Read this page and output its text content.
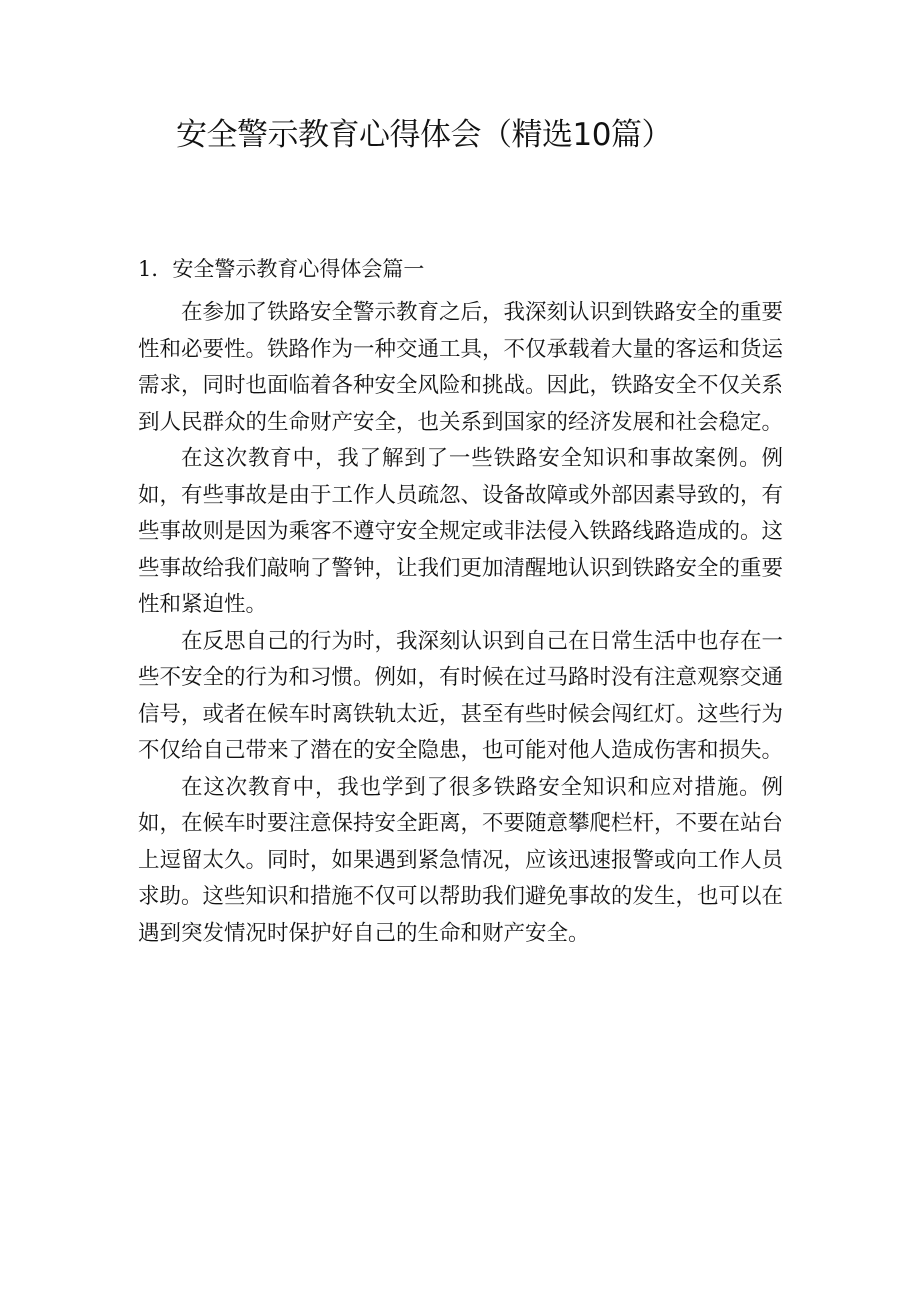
安全警示教育心得体会（精选10篇）
1．安全警示教育心得体会篇一

在参加了铁路安全警示教育之后，我深刻认识到铁路安全的重要性和必要性。铁路作为一种交通工具，不仅承载着大量的客运和货运需求，同时也面临着各种安全风险和挑战。因此，铁路安全不仅关系到人民群众的生命财产安全，也关系到国家的经济发展和社会稳定。

在这次教育中，我了解到了一些铁路安全知识和事故案例。例如，有些事故是由于工作人员疏忽、设备故障或外部因素导致的，有些事故则是因为乘客不遵守安全规定或非法侵入铁路线路造成的。这些事故给我们敲响了警钟，让我们更加清醒地认识到铁路安全的重要性和紧迫性。

在反思自己的行为时，我深刻认识到自己在日常生活中也存在一些不安全的行为和习惯。例如，有时候在过马路时没有注意观察交通信号，或者在候车时离铁轨太近，甚至有些时候会闯红灯。这些行为不仅给自己带来了潜在的安全隐患，也可能对他人造成伤害和损失。

在这次教育中，我也学到了很多铁路安全知识和应对措施。例如，在候车时要注意保持安全距离，不要随意攀爬栏杆，不要在站台上逗留太久。同时，如果遇到紧急情况，应该迅速报警或向工作人员求助。这些知识和措施不仅可以帮助我们避免事故的发生，也可以在遇到突发情况时保护好自己的生命和财产安全。
